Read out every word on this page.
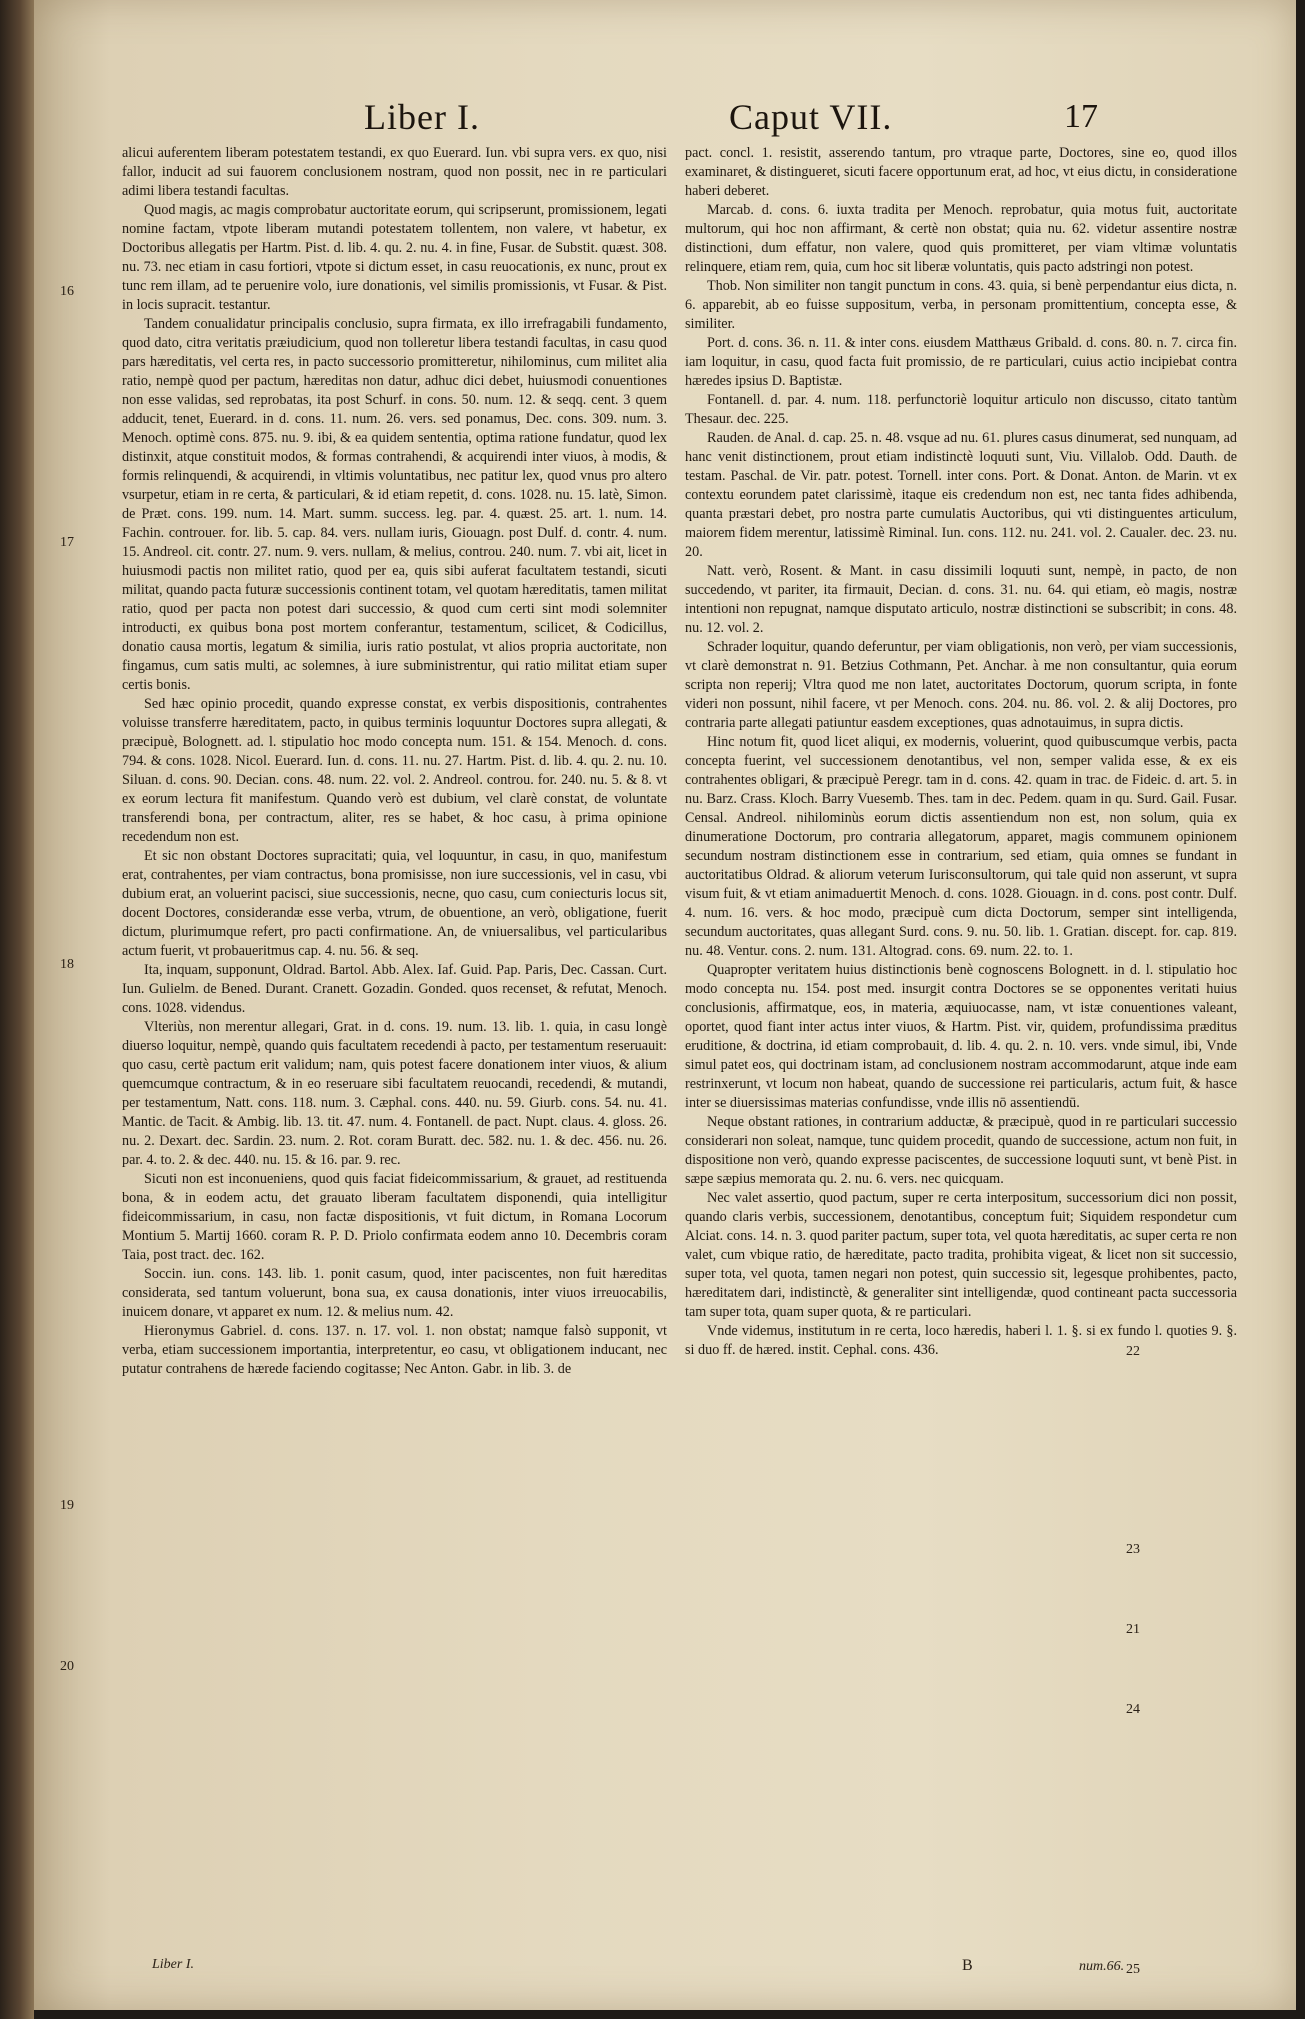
Liber I.	Caput VII.	17

alicui auferentem liberam potestatem testandi, ex quo Euerard. Iun. vbi supra vers. ex quo, nisi fallor, inducit ad sui fauorem conclusionem nostram, quod non possit, nec in re particulari adimi libera testandi facultas.

Quod magis, ac magis comprobatur auctoritate eorum, qui scripserunt, promissionem, legati nomine factam, vtpote liberam mutandi potestatem tollentem, non valere, vt habetur, ex Doctoribus allegatis per Hartm. Pist. d. lib. 4. qu. 2. nu. 4. in fine, Fusar. de Substit. quæst. 308. nu. 73. nec etiam in casu fortiori, vtpote si dictum esset, in casu reuocationis, ex nunc, prout ex tunc rem illam, ad te peruenire volo, iure donationis, vel similis promissionis, vt Fusar. & Pist. in locis supracit. testantur.

Tandem conualidatur principalis conclusio, supra firmata, ex illo irrefragabili fundamento, quod dato, citra veritatis præiudicium, quod non tolleretur libera testandi facultas, in casu quod pars hæreditatis, vel certa res, in pacto successorio promitteretur, nihilominus, cum militet alia ratio, nempè quod per pactum, hæreditas non datur, adhuc dici debet, huiusmodi conuentiones non esse validas, sed reprobatas, ita post Schurf. in cons. 50. num. 12. & seqq. cent. 3 quem adducit, tenet, Euerard. in d. cons. 11. num. 26. vers. sed ponamus, Dec. cons. 309. num. 3. Menoch. optimè cons. 875. nu. 9. ibi, & ea quidem sententia, optima ratione fundatur, quod lex distinxit, atque constituit modos, & formas contrahendi, & acquirendi inter viuos, à modis, & formis relinquendi, & acquirendi, in vltimis voluntatibus, nec patitur lex, quod vnus pro altero vsurpetur, etiam in re certa, & particulari, & id etiam repetit, d. cons. 1028. nu. 15. latè, Simon. de Præt. cons. 199. num. 14. Mart. summ. success. leg. par. 4. quæst. 25. art. 1. num. 14. Fachin. controuer. for. lib. 5. cap. 84. vers. nullam iuris, Giouagn. post Dulf. d. contr. 4. num. 15. Andreol. cit. contr. 27. num. 9. vers. nullam, & melius, controu. 240. num. 7. vbi ait, licet in huiusmodi pactis non militet ratio, quod per ea, quis sibi auferat facultatem testandi, sicuti militat, quando pacta futuræ successionis continent totam, vel quotam hæreditatis, tamen militat ratio, quod per pacta non potest dari successio, & quod cum certi sint modi solemniter introducti, ex quibus bona post mortem conferantur, testamentum, scilicet, & Codicillus, donatio causa mortis, legatum & similia, iuris ratio postulat, vt alios propria auctoritate, non fingamus, cum satis multi, ac solemnes, à iure subministrentur, qui ratio militat etiam super certis bonis.

Sed hæc opinio procedit, quando expresse constat, ex verbis dispositionis, contrahentes voluisse transferre hæreditatem, pacto, in quibus terminis loquuntur Doctores supra allegati, & præcipuè, Bolognett. ad. l. stipulatio hoc modo concepta num. 151. & 154. Menoch. d. cons. 794. & cons. 1028. Nicol. Euerard. Iun. d. cons. 11. nu. 27. Hartm. Pist. d. lib. 4. qu. 2. nu. 10. Siluan. d. cons. 90. Decian. cons. 48. num. 22. vol. 2. Andreol. controu. for. 240. nu. 5. & 8. vt ex eorum lectura fit manifestum. Quando verò est dubium, vel clarè constat, de voluntate transferendi bona, per contractum, aliter, res se habet, & hoc casu, à prima opinione recedendum non est.

Et sic non obstant Doctores supracitati; quia, vel loquuntur, in casu, in quo, manifestum erat, contrahentes, per viam contractus, bona promisisse, non iure successionis, vel in casu, vbi dubium erat, an voluerint pacisci, siue successionis, necne, quo casu, cum coniecturis locus sit, docent Doctores, considerandæ esse verba, vtrum, de obuentione, an verò, obligatione, fuerit dictum, plurimumque refert, pro pacti confirmatione. An, de vniuersalibus, vel particularibus actum fuerit, vt probaueritmus cap. 4. nu. 56. & seq.

Ita, inquam, supponunt, Oldrad. Bartol. Abb. Alex. Iaf. Guid. Pap. Paris, Dec. Cassan. Curt. Iun. Gulielm. de Bened. Durant. Cranett. Gozadin. Gonded. quos recenset, & refutat, Menoch. cons. 1028. videndus.

Vlteriùs, non merentur allegari, Grat. in d. cons. 19. num. 13. lib. 1. quia, in casu longè diuerso loquitur, nempè, quando quis facultatem recedendi à pacto, per testamentum reseruauit: quo casu, certè pactum erit validum; nam, quis potest facere donationem inter viuos, & alium quemcumque contractum, & in eo reseruare sibi facultatem reuocandi, recedendi, & mutandi, per testamentum, Natt. cons. 118. num. 3. Cæphal. cons. 440. nu. 59. Giurb. cons. 54. nu. 41. Mantic. de Tacit. & Ambig. lib. 13. tit. 47. num. 4. Fontanell. de pact. Nupt. claus. 4. gloss. 26. nu. 2. Dexart. dec. Sardin. 23. num. 2. Rot. coram Buratt. dec. 582. nu. 1. & dec. 456. nu. 26. par. 4. to. 2. & dec. 440. nu. 15. & 16. par. 9. rec.

Sicuti non est inconueniens, quod quis faciat fideicommissarium, & grauet, ad restituenda bona, & in eodem actu, det grauato liberam facultatem disponendi, quia intelligitur fideicommissarium, in casu, non factæ dispositionis, vt fuit dictum, in Romana Locorum Montium 5. Martij 1660. coram R. P. D. Priolo confirmata eodem anno 10. Decembris coram Taia, post tract. dec. 162.

Soccin. iun. cons. 143. lib. 1. ponit casum, quod, inter paciscentes, non fuit hæreditas considerata, sed tantum voluerunt, bona sua, ex causa donationis, inter viuos irreuocabilis, inuicem donare, vt apparet ex num. 12. & melius num. 42.

Hieronymus Gabriel. d. cons. 137. n. 17. vol. 1. non obstat; namque falsò supponit, vt verba, etiam successionem importantia, interpretentur, eo casu, vt obligationem inducant, nec putatur contrahens de hærede faciendo cogitasse; Nec Anton. Gabr. in lib. 3. de

pact. concl. 1. resistit, asserendo tantum, pro vtraque parte, Doctores, sine eo, quod illos examinaret, & distingueret, sicuti facere opportunum erat, ad hoc, vt eius dictu, in consideratione haberi deberet.

Marcab. d. cons. 6. iuxta tradita per Menoch. reprobatur, quia motus fuit, auctoritate multorum, qui hoc non affirmant, & certè non obstat; quia nu. 62. videtur assentire nostræ distinctioni, dum effatur, non valere, quod quis promitteret, per viam vltimæ voluntatis relinquere, etiam rem, quia, cum hoc sit liberæ voluntatis, quis pacto adstringi non potest.

Thob. Non similiter non tangit punctum in cons. 43. quia, si benè perpendantur eius dicta, n. 6. apparebit, ab eo fuisse suppositum, verba, in personam promittentium, concepta esse, & similiter.

Port. d. cons. 36. n. 11. & inter cons. eiusdem Matthæus Gribald. d. cons. 80. n. 7. circa fin. iam loquitur, in casu, quod facta fuit promissio, de re particulari, cuius actio incipiebat contra hæredes ipsius D. Baptistæ.

Fontanell. d. par. 4. num. 118. perfunctoriè loquitur articulo non discusso, citato tantùm Thesaur. dec. 225.

Rauden. de Anal. d. cap. 25. n. 48. vsque ad nu. 61. plures casus dinumerat, sed nunquam, ad hanc venit distinctionem, prout etiam indistinctè loquuti sunt, Viu. Villalob. Odd. Dauth. de testam. Paschal. de Vir. patr. potest. Tornell. inter cons. Port. & Donat. Anton. de Marin. vt ex contextu eorundem patet clarissimè, itaque eis credendum non est, nec tanta fides adhibenda, quanta præstari debet, pro nostra parte cumulatis Auctoribus, qui vti distinguentes articulum, maiorem fidem merentur, latissimè Riminal. Iun. cons. 112. nu. 241. vol. 2. Caualer. dec. 23. nu. 20.

Natt. verò, Rosent. & Mant. in casu dissimili loquuti sunt, nempè, in pacto, de non succedendo, vt pariter, ita firmauit, Decian. d. cons. 31. nu. 64. qui etiam, eò magis, nostræ intentioni non repugnat, namque disputato articulo, nostræ distinctioni se subscribit; in cons. 48. nu. 12. vol. 2.

Schrader loquitur, quando deferuntur, per viam obligationis, non verò, per viam successionis, vt clarè demonstrat n. 91. Betzius Cothmann, Pet. Anchar. à me non consultantur, quia eorum scripta non reperij; Vltra quod me non latet, auctoritates Doctorum, quorum scripta, in fonte videri non possunt, nihil facere, vt per Menoch. cons. 204. nu. 86. vol. 2. & alij Doctores, pro contraria parte allegati patiuntur easdem exceptiones, quas adnotauimus, in supra dictis.

Hinc notum fit, quod licet aliqui, ex modernis, voluerint, quod quibuscumque verbis, pacta concepta fuerint, vel successionem denotantibus, vel non, semper valida esse, & ex eis contrahentes obligari, & præcipuè Peregr. tam in d. cons. 42. quam in trac. de Fideic. d. art. 5. in nu. Barz. Crass. Kloch. Barry Vuesemb. Thes. tam in dec. Pedem. quam in qu. Surd. Gail. Fusar. Censal. Andreol. nihilominùs eorum dictis assentiendum non est, non solum, quia ex dinumeratione Doctorum, pro contraria allegatorum, apparet, magis communem opinionem secundum nostram distinctionem esse in contrarium, sed etiam, quia omnes se fundant in auctoritatibus Oldrad. & aliorum veterum Iurisconsultorum, qui tale quid non asserunt, vt supra visum fuit, & vt etiam animaduertit Menoch. d. cons. 1028. Giouagn. in d. cons. post contr. Dulf. 4. num. 16. vers. & hoc modo, præcipuè cum dicta Doctorum, semper sint intelligenda, secundum auctoritates, quas allegant Surd. cons. 9. nu. 50. lib. 1. Gratian. discept. for. cap. 819. nu. 48. Ventur. cons. 2. num. 131. Altograd. cons. 69. num. 22. to. 1.

Quapropter veritatem huius distinctionis benè cognoscens Bolognett. in d. l. stipulatio hoc modo concepta nu. 154. post med. insurgit contra Doctores se se opponentes veritati huius conclusionis, affirmatque, eos, in materia, æquiuocasse, nam, vt istæ conuentiones valeant, oportet, quod fiant inter actus inter viuos, & Hartm. Pist. vir, quidem, profundissima præditus eruditione, & doctrina, id etiam comprobauit, d. lib. 4. qu. 2. n. 10. vers. vnde simul, ibi, Vnde simul patet eos, qui doctrinam istam, ad conclusionem nostram accommodarunt, atque inde eam restrinxerunt, vt locum non habeat, quando de successione rei particularis, actum fuit, & hasce inter se diuersissimas materias confundisse, vnde illis nō assentiendū.

Neque obstant rationes, in contrarium adductæ, & præcipuè, quod in re particulari successio considerari non soleat, namque, tunc quidem procedit, quando de successione, actum non fuit, in dispositione non verò, quando expresse paciscentes, de successione loquuti sunt, vt benè Pist. in sæpe sæpius memorata qu. 2. nu. 6. vers. nec quicquam.

Nec valet assertio, quod pactum, super re certa interpositum, successorium dici non possit, quando claris verbis, successionem, denotantibus, conceptum fuit; Siquidem respondetur cum Alciat. cons. 14. n. 3. quod pariter pactum, super tota, vel quota hæreditatis, ac super certa re non valet, cum vbique ratio, de hæreditate, pacto tradita, prohibita vigeat, & licet non sit successio, super tota, vel quota, tamen negari non potest, quin successio sit, legesque prohibentes, pacto, hæreditatem dari, indistinctè, & generaliter sint intelligendæ, quod contineant pacta successoria tam super tota, quam super quota, & re particulari.

Vnde videmus, institutum in re certa, loco hæredis, haberi l. 1. §. si ex fundo l. quoties 9. §. si duo ff. de hæred. instit. Cephal. cons. 436.

16
17
18
19
20
21
22
23
24
25
Liber I.	B	num.66.
